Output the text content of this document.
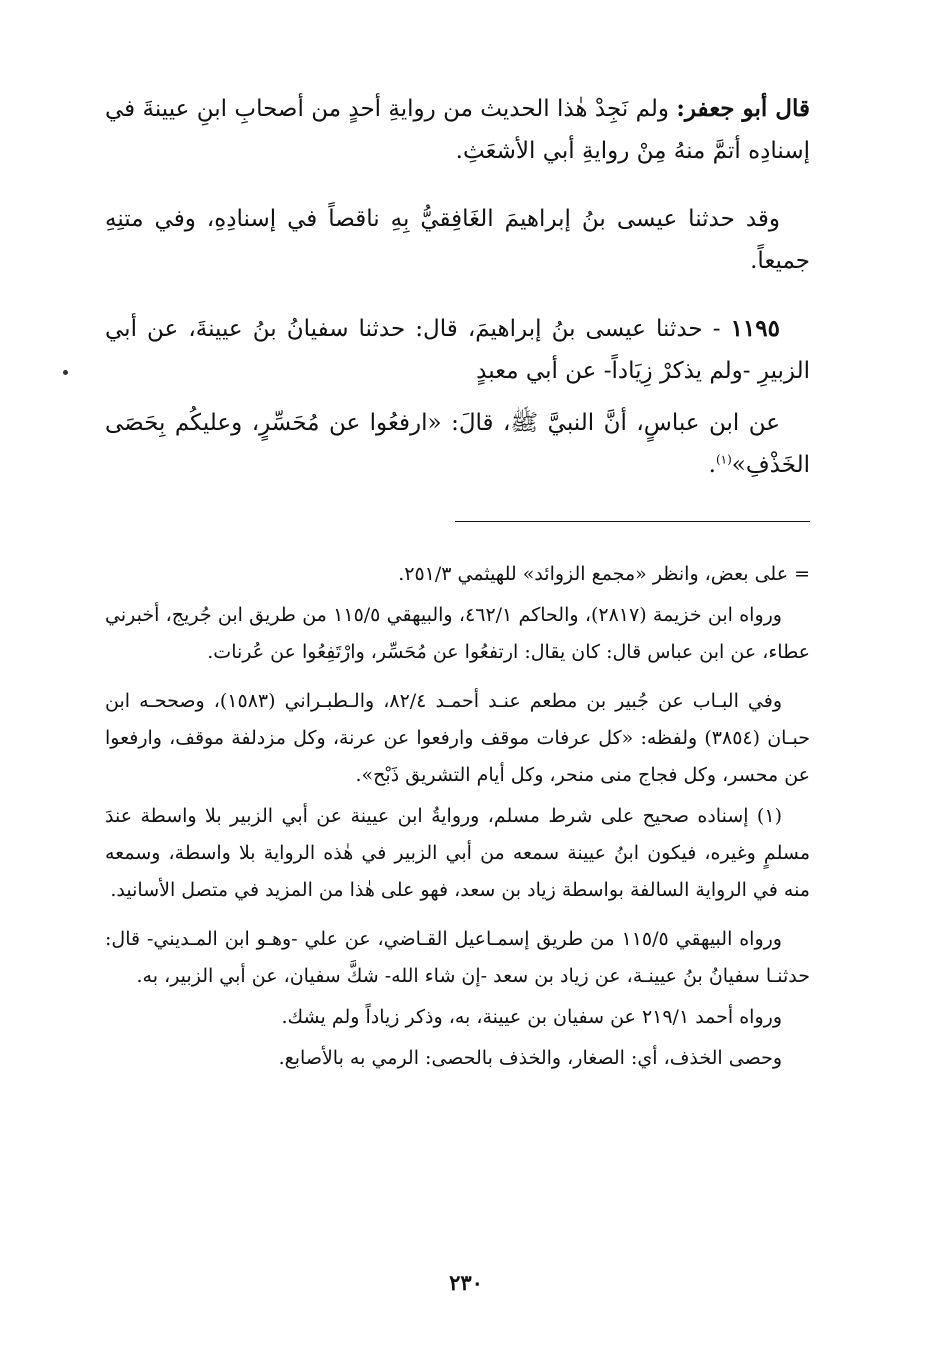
قال أبو جعفر: ولم نَجِدْ هٰذا الحديث من روايةِ أحدٍ من أصحابِ ابنِ عيينةَ في إسنادِه أتمَّ منهُ مِنْ روايةِ أبي الأشعَثِ.

وقد حدثنا عيسى بنُ إبراهيمَ الغَافِقيُّ بِهِ ناقصاً في إسنادِهِ، وفي متنِهِ جميعاً.

١١٩٥ - حدثنا عيسى بنُ إبراهيمَ، قال: حدثنا سفيانُ بنُ عيينةَ، عن أبي الزبيرِ -ولم يذكرْ زِيَاداً- عن أبي معبدٍ

عن ابن عباسٍ، أنَّ النبيَّ ﷺ، قالَ: «ارفعُوا عن مُحَسِّرٍ، وعليكُم بِحَصَى الخَذْفِ»$^{(١)}$.

= على بعض، وانظر «مجمع الزوائد» للهيثمي ٢٥١/٣.

ورواه ابن خزيمة (٢٨١٧)، والحاكم ٤٦٢/١، والبيهقي ١١٥/٥ من طريق ابن جُريج، أخبرني عطاء، عن ابن عباس قال: كان يقال: ارتفعُوا عن مُحَسِّر، وارْتَفِعُوا عن عُرنات.

وفي البـاب عن جُبير بن مطعم عنـد أحمـد ٨٢/٤، والـطبـراني (١٥٨٣)، وصححـه ابن حبـان (٣٨٥٤) ولفظه: «كل عرفات موقف وارفعوا عن عرنة، وكل مزدلفة موقف، وارفعوا عن محسر، وكل فجاج منى منحر، وكل أيام التشريق ذَبْح».

(١) إسناده صحيح على شرط مسلم، وروايةُ ابن عيينة عن أبي الزبير بلا واسطة عندَ مسلمٍ وغيره، فيكون ابنُ عيينة سمعه من أبي الزبير في هٰذه الرواية بلا واسطة، وسمعه منه في الرواية السالفة بواسطة زياد بن سعد، فهو على هٰذا من المزيد في متصل الأسانيد.

ورواه البيهقي ١١٥/٥ من طريق إسمـاعيل القـاضي، عن علي -وهـو ابن المـديني- قال: حدثنـا سفيانُ بنُ عيينـة، عن زياد بن سعد -إن شاء الله- شكَّ سفيان، عن أبي الزبير، به.

ورواه أحمد ٢١٩/١ عن سفيان بن عيينة، به، وذكر زياداً ولم يشك.

وحصى الخذف، أي: الصغار، والخذف بالحصى: الرمي به بالأصابع.

٢٣٠
